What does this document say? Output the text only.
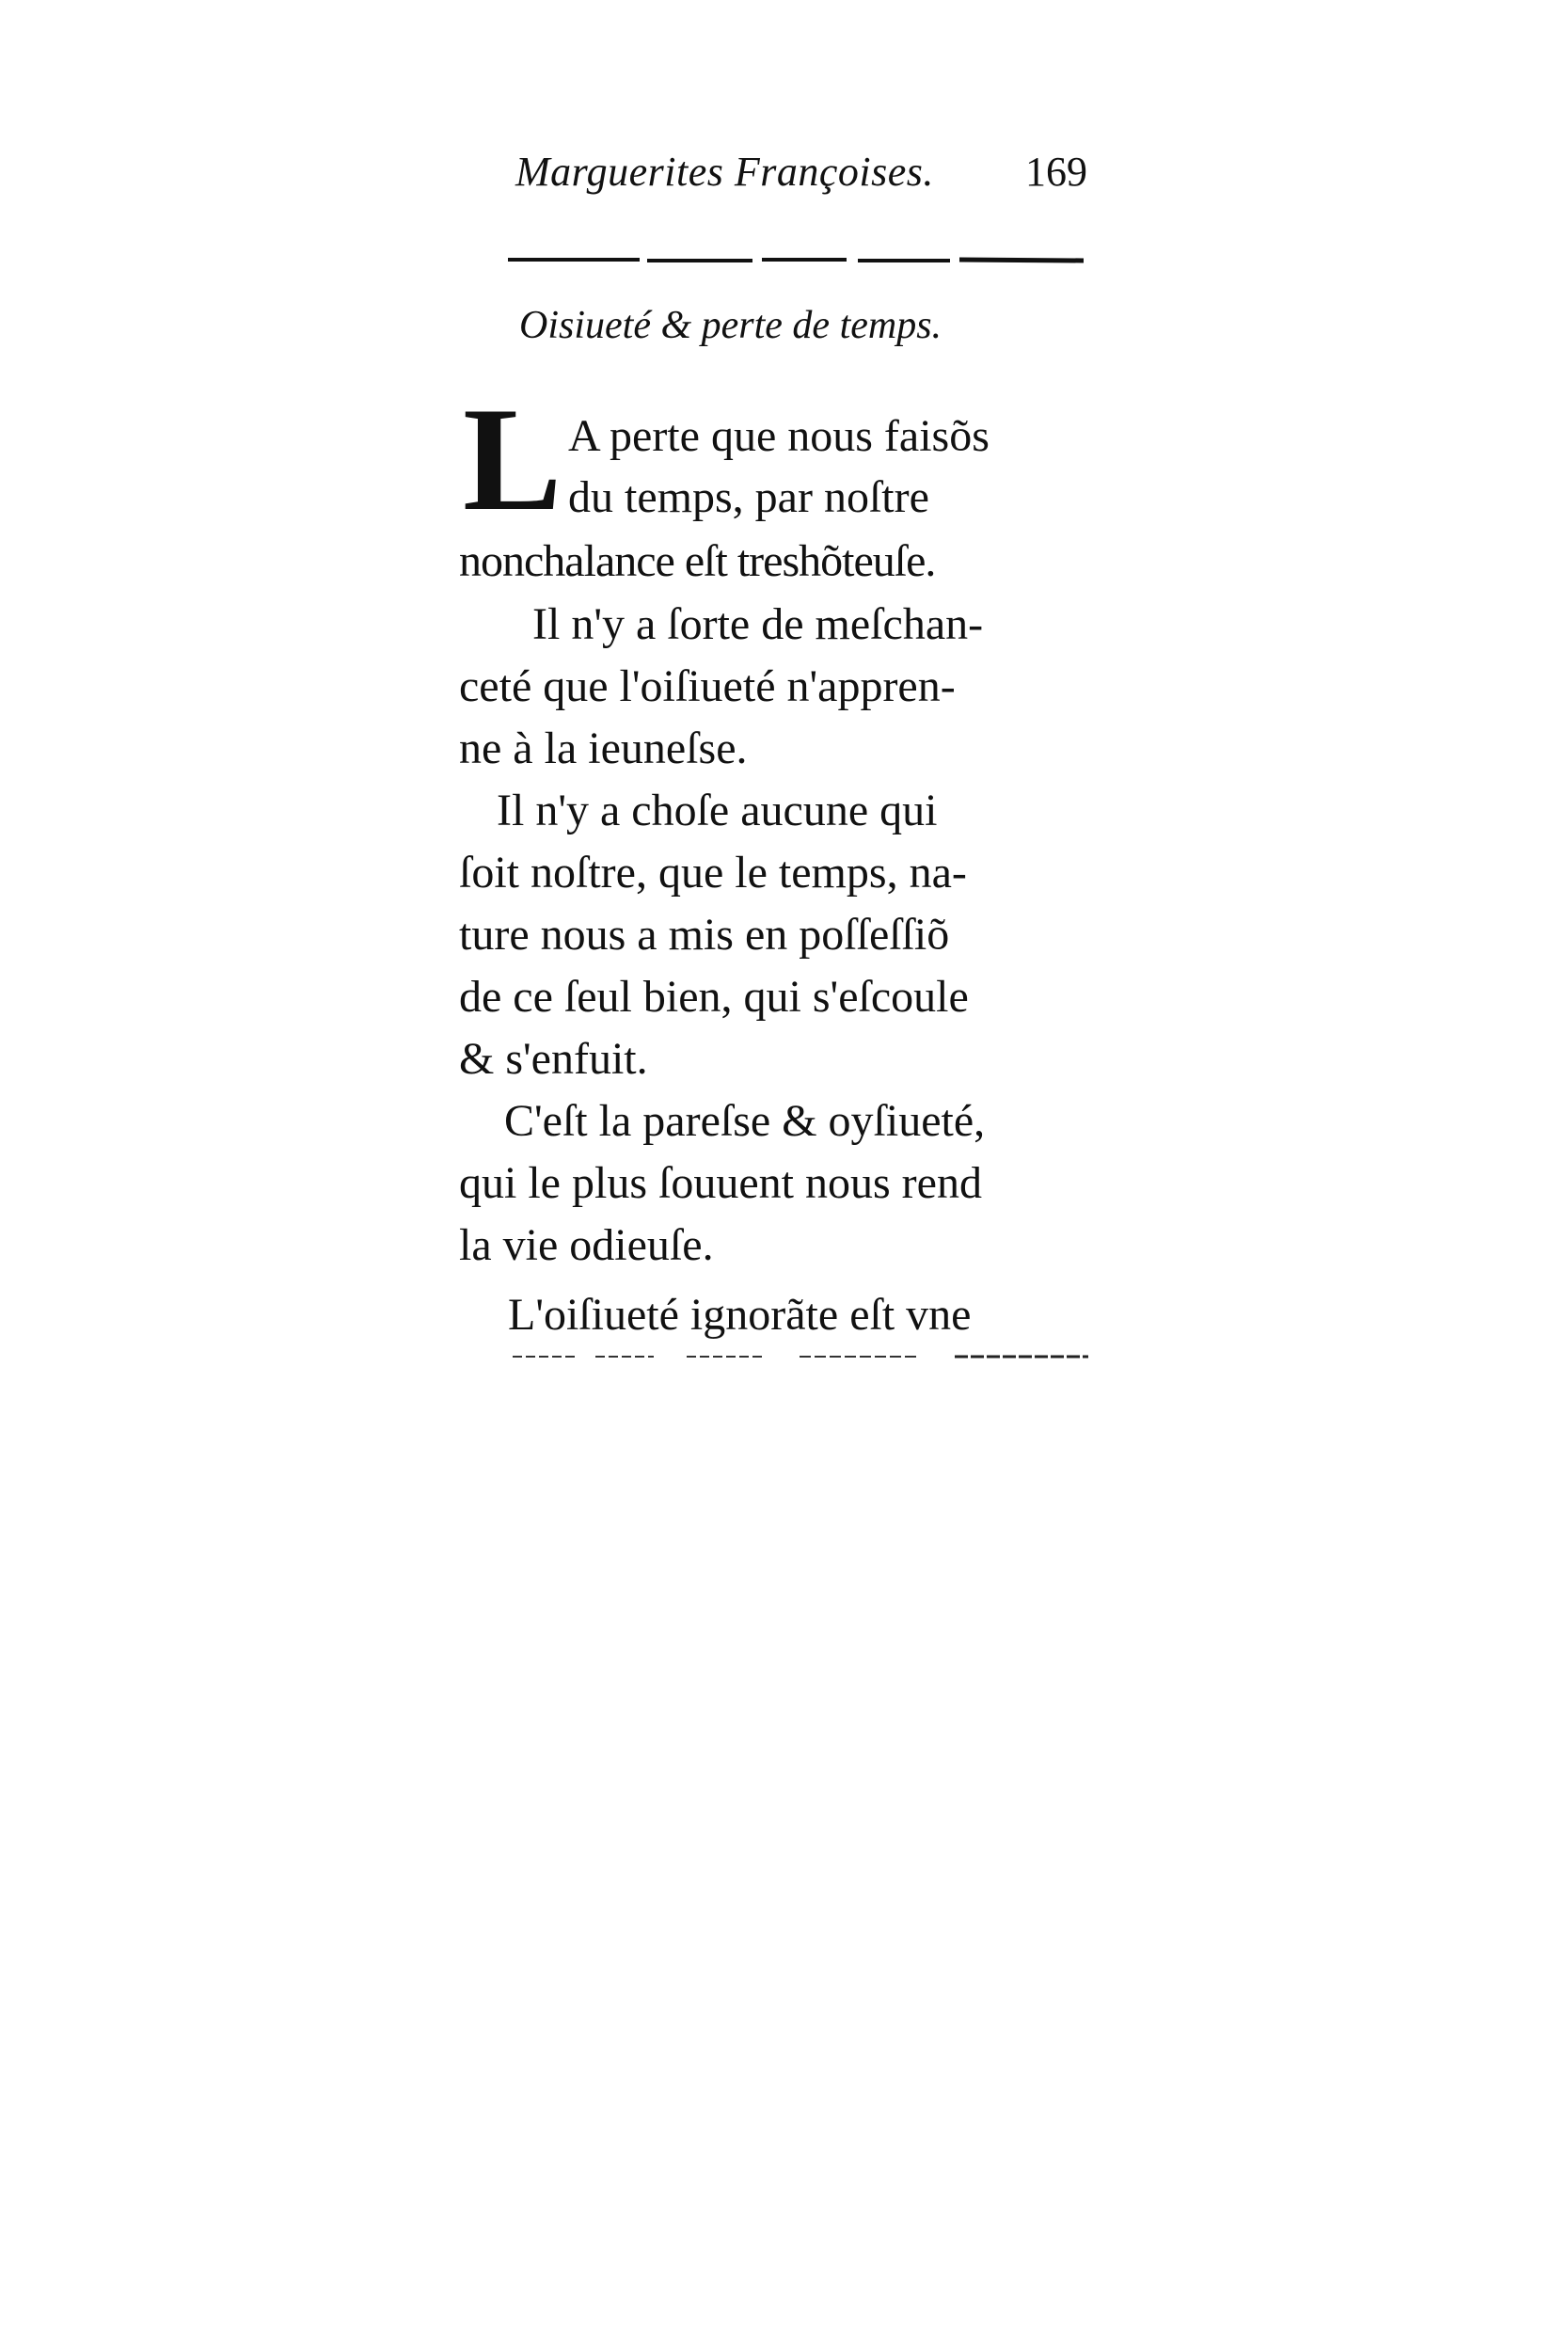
Marguerites Françoises. 169
Oisiueté & perte de temps.
L A perte que nous faisõs
du temps, par noſtre
nonchalance eſt treshõteuſe.
Il n'y a ſorte de meſchan-
ceté que l'oiſiueté n'appren-
ne à la ieuneſse.
Il n'y a choſe aucune qui
ſoit noſtre, que le temps, na-
ture nous a mis en poſſeſſiõ
de ce ſeul bien, qui s'eſcoule
& s'enfuit.
C'eſt la pareſse & oyſiueté,
qui le plus ſouuent nous rend
la vie odieuſe.
L'oiſiueté ignorãte eſt vne
